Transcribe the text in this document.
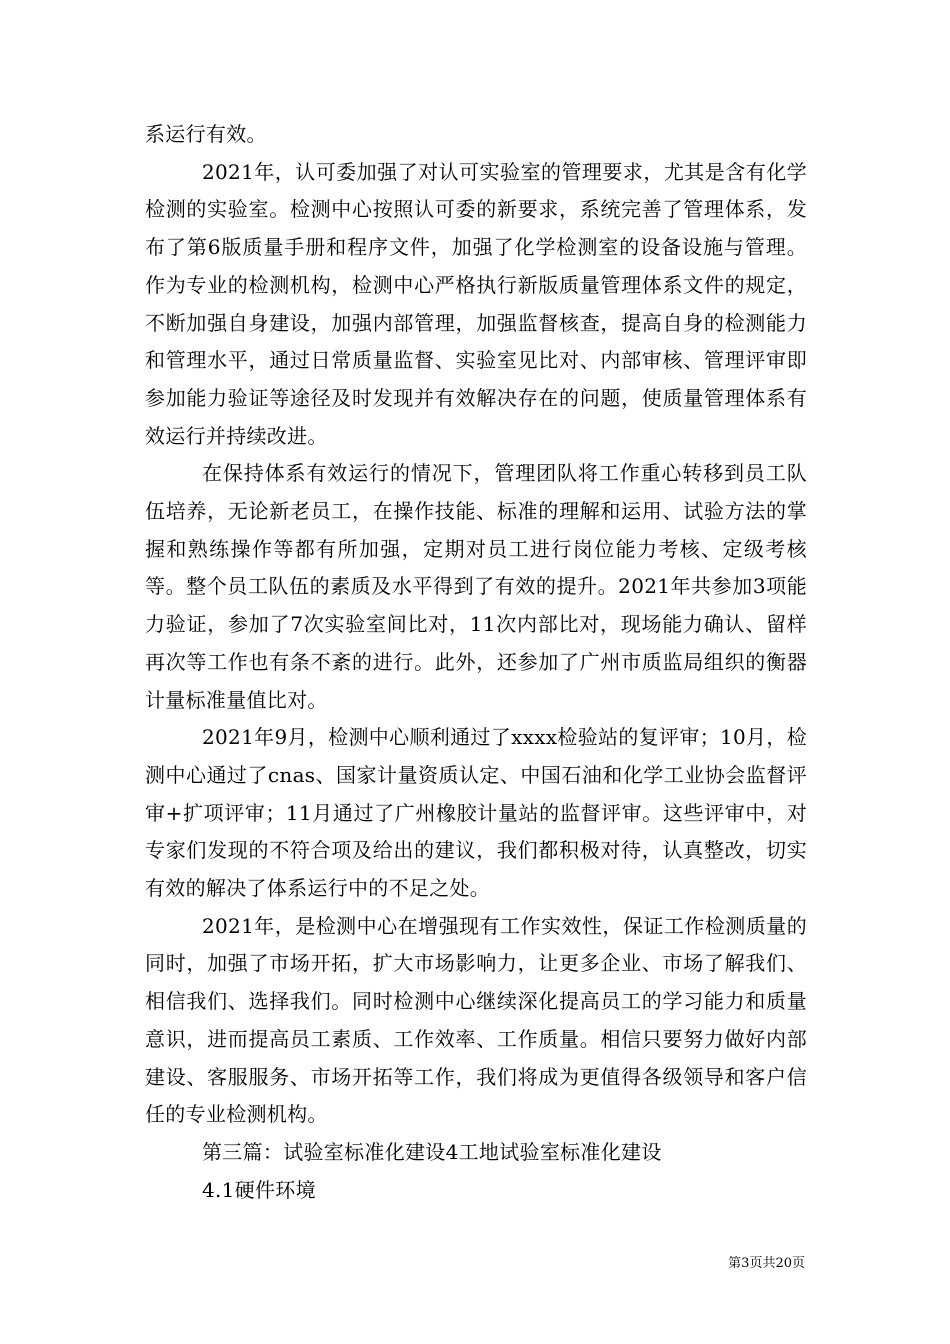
系运行有效。

2021年，认可委加强了对认可实验室的管理要求，尤其是含有化学检测的实验室。检测中心按照认可委的新要求，系统完善了管理体系，发布了第6版质量手册和程序文件，加强了化学检测室的设备设施与管理。作为专业的检测机构，检测中心严格执行新版质量管理体系文件的规定，不断加强自身建设，加强内部管理，加强监督核查，提高自身的检测能力和管理水平，通过日常质量监督、实验室见比对、内部审核、管理评审即参加能力验证等途径及时发现并有效解决存在的问题，使质量管理体系有效运行并持续改进。

在保持体系有效运行的情况下，管理团队将工作重心转移到员工队伍培养，无论新老员工，在操作技能、标准的理解和运用、试验方法的掌握和熟练操作等都有所加强，定期对员工进行岗位能力考核、定级考核等。整个员工队伍的素质及水平得到了有效的提升。2021年共参加3项能力验证，参加了7次实验室间比对，11次内部比对，现场能力确认、留样再次等工作也有条不紊的进行。此外，还参加了广州市质监局组织的衡器计量标准量值比对。

2021年9月，检测中心顺利通过了xxxx检验站的复评审；10月，检测中心通过了cnas、国家计量资质认定、中国石油和化学工业协会监督评审+扩项评审；11月通过了广州橡胶计量站的监督评审。这些评审中，对专家们发现的不符合项及给出的建议，我们都积极对待，认真整改，切实有效的解决了体系运行中的不足之处。

2021年，是检测中心在增强现有工作实效性，保证工作检测质量的同时，加强了市场开拓，扩大市场影响力，让更多企业、市场了解我们、相信我们、选择我们。同时检测中心继续深化提高员工的学习能力和质量意识，进而提高员工素质、工作效率、工作质量。相信只要努力做好内部建设、客服服务、市场开拓等工作，我们将成为更值得各级领导和客户信任的专业检测机构。

第三篇：试验室标准化建设4工地试验室标准化建设

4.1硬件环境

第3页共20页
